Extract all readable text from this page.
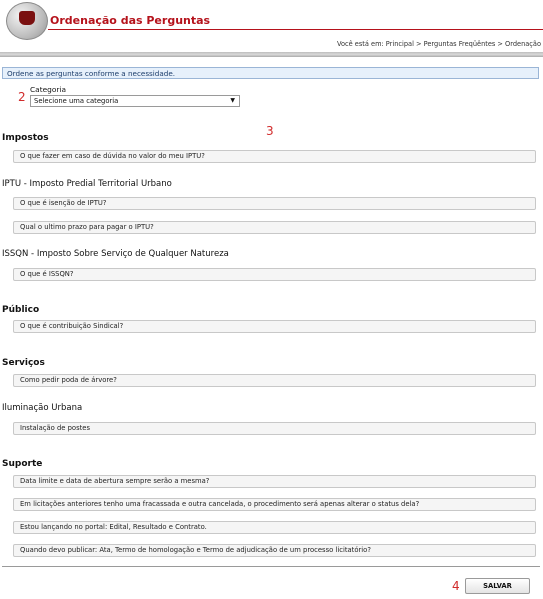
Ordenação das Perguntas
Você está em: Principal > Perguntas Freqüêntes > Ordenação
Ordene as perguntas conforme a necessidade.
2
3
4
Categoria
Selecione uma categoria	▼
Impostos
O que fazer em caso de dúvida no valor do meu IPTU?
IPTU - Imposto Predial Territorial Urbano
O que é isenção de IPTU?
Qual o ultimo prazo para pagar o IPTU?
ISSQN - Imposto Sobre Serviço de Qualquer Natureza
O que é ISSQN?
Público
O que é contribuição Sindical?
Serviços
Como pedir poda de árvore?
Iluminação Urbana
Instalação de postes
Suporte
Data limite e data de abertura sempre serão a mesma?
Em licitações anteriores tenho uma fracassada e outra cancelada, o procedimento será apenas alterar o status dela?
Estou lançando no portal: Edital, Resultado e Contrato.
Quando devo publicar: Ata, Termo de homologação e Termo de adjudicação de um processo licitatório?
SALVAR
